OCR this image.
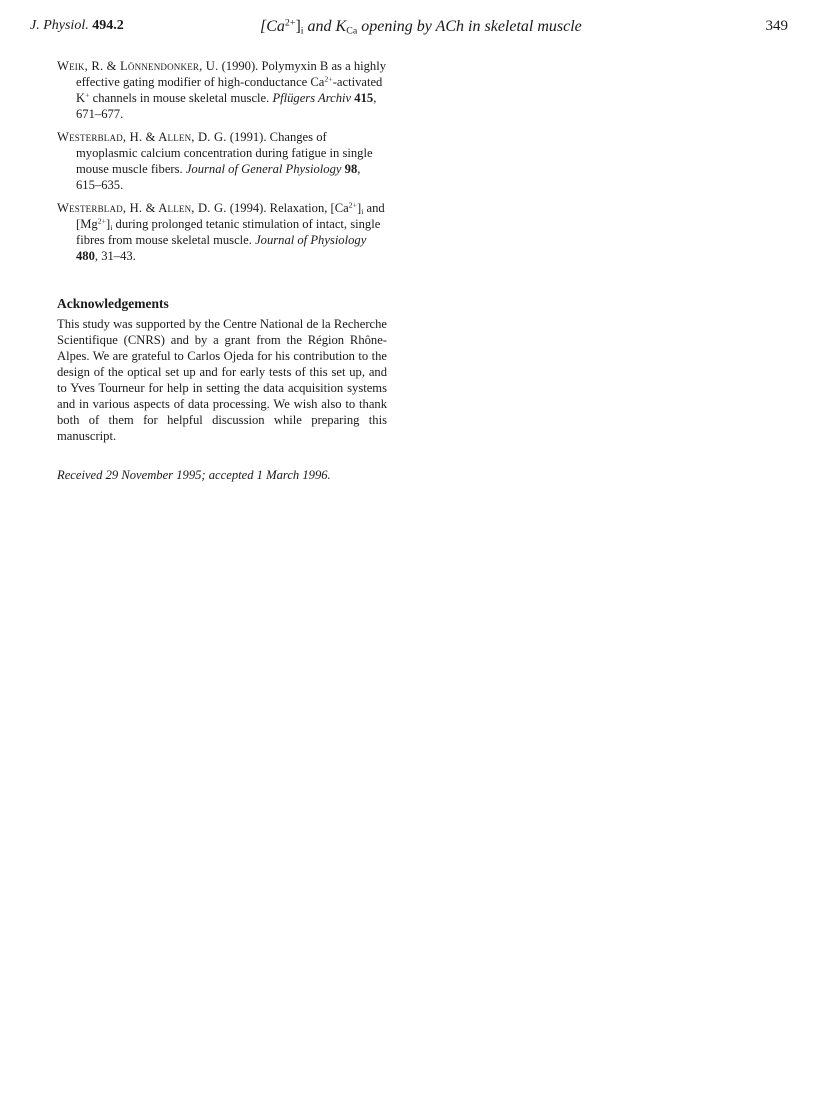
J. Physiol. 494.2	$[Ca^{2+}]_i$ and $K_{Ca}$ opening by ACh in skeletal muscle	349

Weik, R. & Lönnendonker, U. (1990). Polymyxin B as a highly effective gating modifier of high-conductance $Ca^{2+}$-activated K+ channels in mouse skeletal muscle. Pflügers Archiv 415, 671–677.

Westerblad, H. & Allen, D. G. (1991). Changes of myoplasmic calcium concentration during fatigue in single mouse muscle fibers. Journal of General Physiology 98, 615–635.

Westerblad, H. & Allen, D. G. (1994). Relaxation, $[Ca^{2+}]_i$ and $[Mg^{2+}]_i$ during prolonged tetanic stimulation of intact, single fibres from mouse skeletal muscle. Journal of Physiology 480, 31–43.

Acknowledgements

This study was supported by the Centre National de la Recherche Scientifique (CNRS) and by a grant from the Région Rhône-Alpes. We are grateful to Carlos Ojeda for his contribution to the design of the optical set up and for early tests of this set up, and to Yves Tourneur for help in setting the data acquisition systems and in various aspects of data processing. We wish also to thank both of them for helpful discussion while preparing this manuscript.

Received 29 November 1995; accepted 1 March 1996.
